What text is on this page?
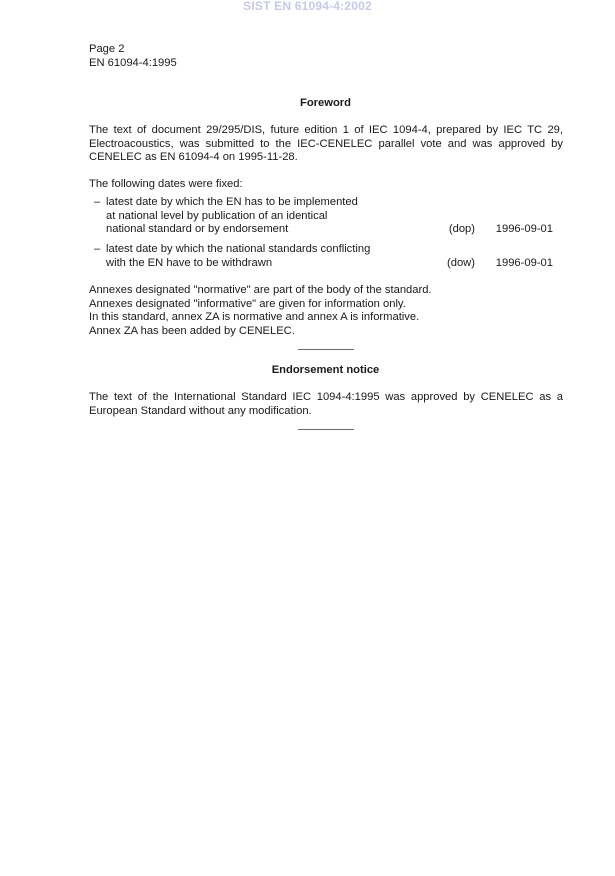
SIST EN 61094-4:2002
Page 2
EN 61094-4:1995
Foreword
The text of document 29/295/DIS, future edition 1 of IEC 1094-4, prepared by IEC TC 29,
Electroacoustics, was submitted to the IEC-CENELEC parallel vote and was approved by
CENELEC as EN 61094-4 on 1995-11-28.
The following dates were fixed:
– latest date by which the EN has to be implemented
at national level by publication of an identical
national standard or by endorsement	(dop) 1996-09-01
– latest date by which the national standards conflicting
with the EN have to be withdrawn	(dow) 1996-09-01
Annexes designated "normative" are part of the body of the standard.
Annexes designated "informative" are given for information only.
In this standard, annex ZA is normative and annex A is informative.
Annex ZA has been added by CENELEC.
Endorsement notice
The text of the International Standard IEC 1094-4:1995 was approved by CENELEC as a
European Standard without any modification.
